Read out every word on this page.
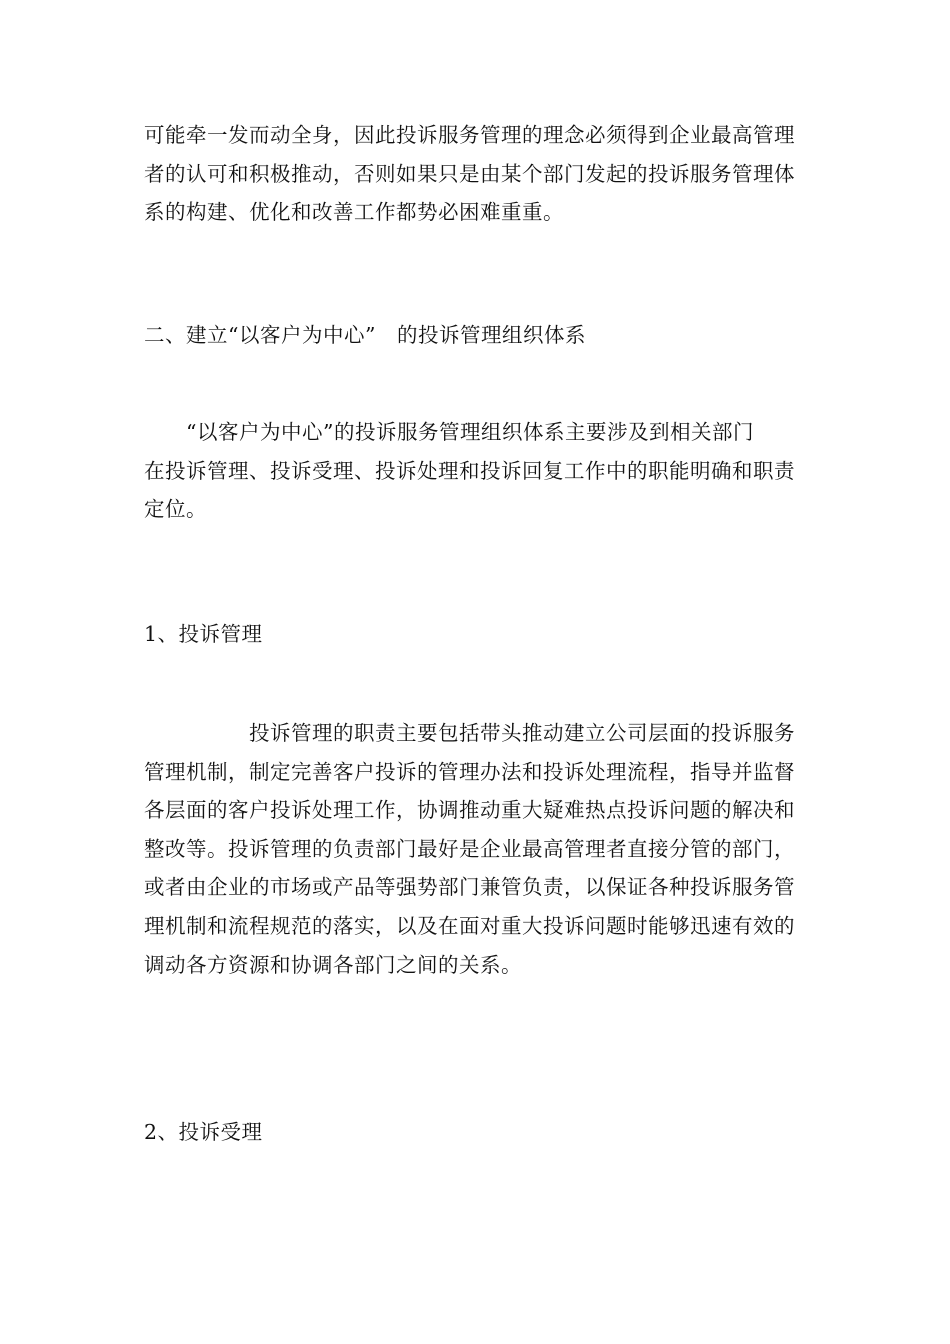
可能牵一发而动全身，因此投诉服务管理的理念必须得到企业最高管理
者的认可和积极推动，否则如果只是由某个部门发起的投诉服务管理体
系的构建、优化和改善工作都势必困难重重。

二、建立“以客户为中心”　的投诉管理组织体系

　　“以客户为中心”的投诉服务管理组织体系主要涉及到相关部门
在投诉管理、投诉受理、投诉处理和投诉回复工作中的职能明确和职责
定位。

1、投诉管理

　　　　　投诉管理的职责主要包括带头推动建立公司层面的投诉服务
管理机制，制定完善客户投诉的管理办法和投诉处理流程，指导并监督
各层面的客户投诉处理工作，协调推动重大疑难热点投诉问题的解决和
整改等。投诉管理的负责部门最好是企业最高管理者直接分管的部门，
或者由企业的市场或产品等强势部门兼管负责，以保证各种投诉服务管
理机制和流程规范的落实，以及在面对重大投诉问题时能够迅速有效的
调动各方资源和协调各部门之间的关系。

2、投诉受理
